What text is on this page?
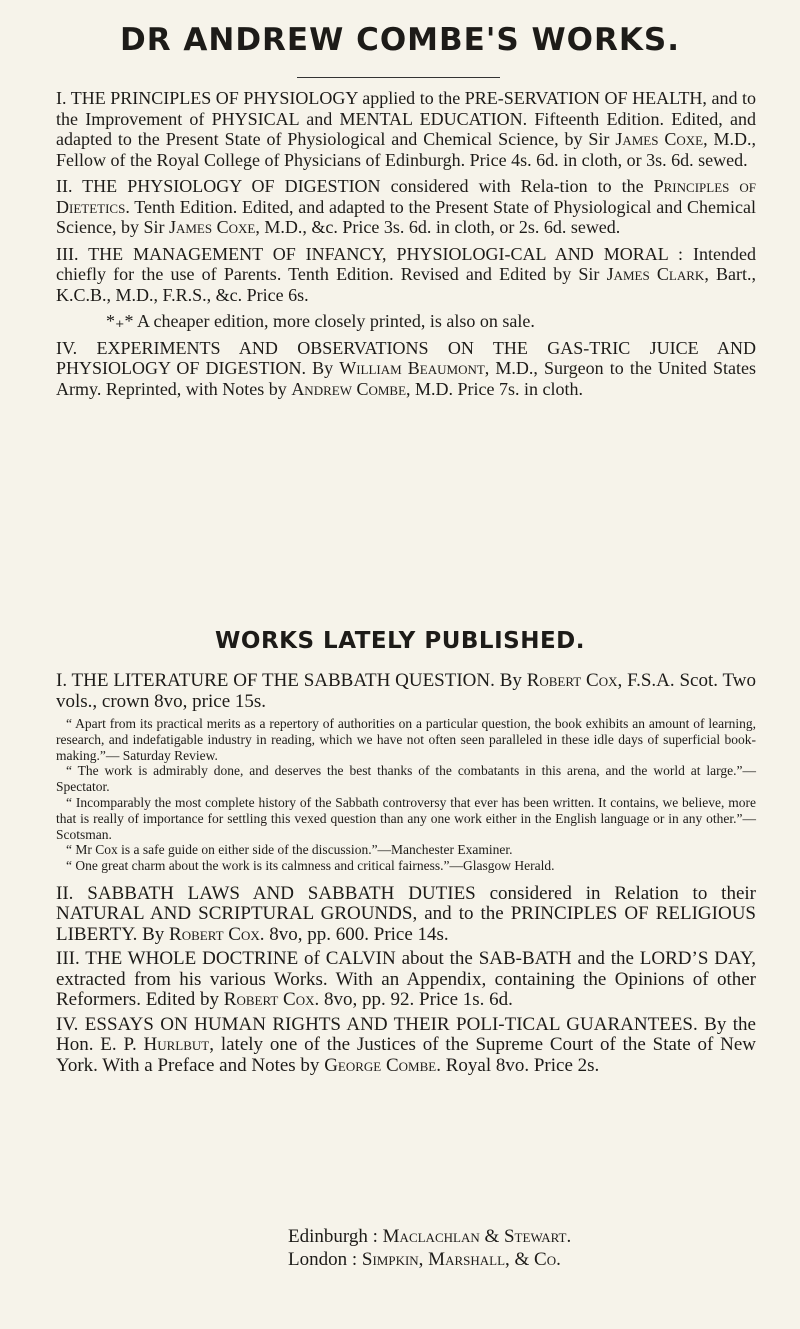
DR ANDREW COMBE'S WORKS.

I. THE PRINCIPLES OF PHYSIOLOGY applied to the PRE-SERVATION OF HEALTH, and to the Improvement of PHYSICAL and MENTAL EDUCATION. Fifteenth Edition. Edited, and adapted to the Present State of Physiological and Chemical Science, by Sir James Coxe, M.D., Fellow of the Royal College of Physicians of Edinburgh. Price 4s. 6d. in cloth, or 3s. 6d. sewed.

II. THE PHYSIOLOGY OF DIGESTION considered with Rela-tion to the Principles of Dietetics. Tenth Edition. Edited, and adapted to the Present State of Physiological and Chemical Science, by Sir James Coxe, M.D., &c. Price 3s. 6d. in cloth, or 2s. 6d. sewed.

III. THE MANAGEMENT OF INFANCY, PHYSIOLOGI-CAL AND MORAL : Intended chiefly for the use of Parents. Tenth Edition. Revised and Edited by Sir James Clark, Bart., K.C.B., M.D., F.R.S., &c. Price 6s.

*₊* A cheaper edition, more closely printed, is also on sale.

IV. EXPERIMENTS AND OBSERVATIONS ON THE GAS-TRIC JUICE AND PHYSIOLOGY OF DIGESTION. By William Beaumont, M.D., Surgeon to the United States Army. Reprinted, with Notes by Andrew Combe, M.D. Price 7s. in cloth.

WORKS LATELY PUBLISHED.

I. THE LITERATURE OF THE SABBATH QUESTION. By Robert Cox, F.S.A. Scot. Two vols., crown 8vo, price 15s.

“ Apart from its practical merits as a repertory of authorities on a particular question, the book exhibits an amount of learning, research, and indefatigable industry in reading, which we have not often seen paralleled in these idle days of superficial book-making.”— Saturday Review.

“ The work is admirably done, and deserves the best thanks of the combatants in this arena, and the world at large.”—Spectator.

“ Incomparably the most complete history of the Sabbath controversy that ever has been written. It contains, we believe, more that is really of importance for settling this vexed question than any one work either in the English language or in any other.”— Scotsman.

“ Mr Cox is a safe guide on either side of the discussion.”—Manchester Examiner.

“ One great charm about the work is its calmness and critical fairness.”—Glasgow Herald.

II. SABBATH LAWS AND SABBATH DUTIES considered in Relation to their NATURAL AND SCRIPTURAL GROUNDS, and to the PRINCIPLES OF RELIGIOUS LIBERTY. By Robert Cox. 8vo, pp. 600. Price 14s.

III. THE WHOLE DOCTRINE of CALVIN about the SAB-BATH and the LORD’S DAY, extracted from his various Works. With an Appendix, containing the Opinions of other Reformers. Edited by Robert Cox. 8vo, pp. 92. Price 1s. 6d.

IV. ESSAYS ON HUMAN RIGHTS AND THEIR POLI-TICAL GUARANTEES. By the Hon. E. P. Hurlbut, lately one of the Justices of the Supreme Court of the State of New York. With a Preface and Notes by George Combe. Royal 8vo. Price 2s.

Edinburgh : Maclachlan & Stewart.
London : Simpkin, Marshall, & Co.
